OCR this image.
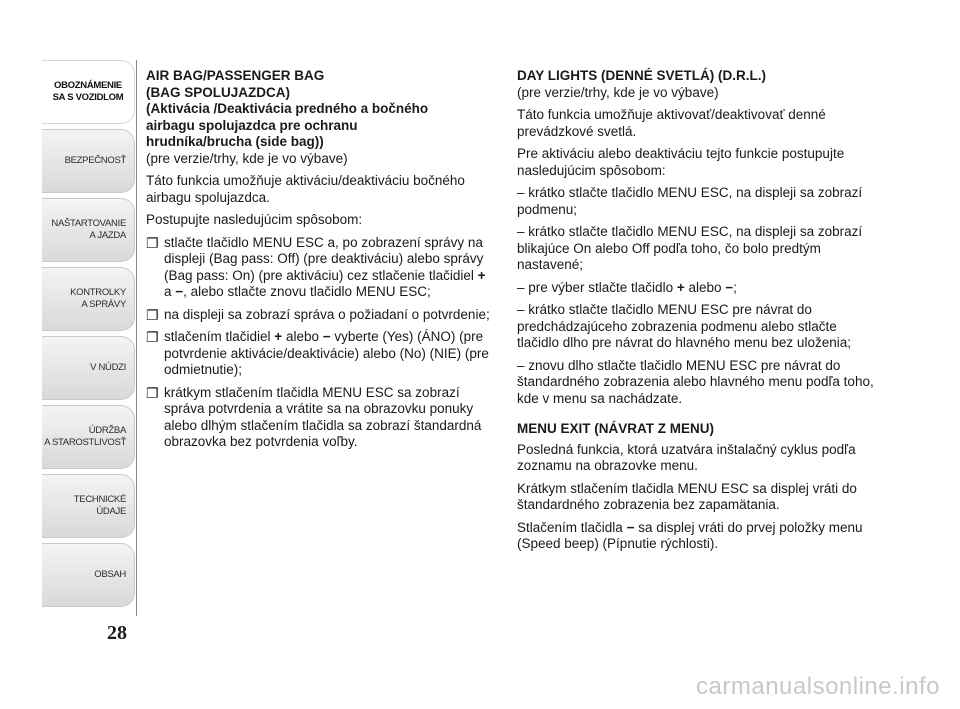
OBOZNÁMENIE
SA S VOZIDLOM
BEZPEČNOSŤ
NAŠTARTOVANIE
A JAZDA
KONTROLKY
A SPRÁVY
V NÚDZI
ÚDRŽBA
A STAROSTLIVOSŤ
TECHNICKÉ
ÚDAJE
OBSAH
28
AIR BAG/PASSENGER BAG
(BAG SPOLUJAZDCA)
(Aktivácia /Deaktivácia predného a bočného
airbagu spolujazdca pre ochranu
hrudníka/brucha (side bag))

(pre verzie/trhy, kde je vo výbave)

Táto funkcia umožňuje aktiváciu/deaktiváciu bočného airbagu spolujazdca.

Postupujte nasledujúcim spôsobom:

❐ stlačte tlačidlo MENU ESC a, po zobrazení správy na displeji (Bag pass: Off) (pre deaktiváciu) alebo správy (Bag pass: On) (pre aktiváciu) cez stlačenie tlačidiel + a −, alebo stlačte znovu tlačidlo MENU ESC;
❐ na displeji sa zobrazí správa o požiadaní o potvrdenie;
❐ stlačením tlačidiel + alebo − vyberte (Yes) (ÁNO) (pre potvrdenie aktivácie/deaktivácie) alebo (No) (NIE) (pre odmietnutie);
❐ krátkym stlačením tlačidla MENU ESC sa zobrazí správa potvrdenia a vrátite sa na obrazovku ponuky alebo dlhým stlačením tlačidla sa zobrazí štandardná obrazovka bez potvrdenia voľby.
DAY LIGHTS (DENNÉ SVETLÁ) (D.R.L.)

(pre verzie/trhy, kde je vo výbave)

Táto funkcia umožňuje aktivovať/deaktivovať denné prevádzkové svetlá.

Pre aktiváciu alebo deaktiváciu tejto funkcie postupujte nasledujúcim spôsobom:

– krátko stlačte tlačidlo MENU ESC, na displeji sa zobrazí podmenu;

– krátko stlačte tlačidlo MENU ESC, na displeji sa zobrazí blikajúce On alebo Off podľa toho, čo bolo predtým nastavené;

– pre výber stlačte tlačidlo + alebo −;

– krátko stlačte tlačidlo MENU ESC pre návrat do predchádzajúceho zobrazenia podmenu alebo stlačte tlačidlo dlho pre návrat do hlavného menu bez uloženia;

– znovu dlho stlačte tlačidlo MENU ESC pre návrat do štandardného zobrazenia alebo hlavného menu podľa toho, kde v menu sa nachádzate.

MENU EXIT (NÁVRAT Z MENU)

Posledná funkcia, ktorá uzatvára inštalačný cyklus podľa zoznamu na obrazovke menu.

Krátkym stlačením tlačidla MENU ESC sa displej vráti do štandardného zobrazenia bez zapamätania.

Stlačením tlačidla − sa displej vráti do prvej položky menu (Speed beep) (Pípnutie rýchlosti).

carmanualsonline.info
